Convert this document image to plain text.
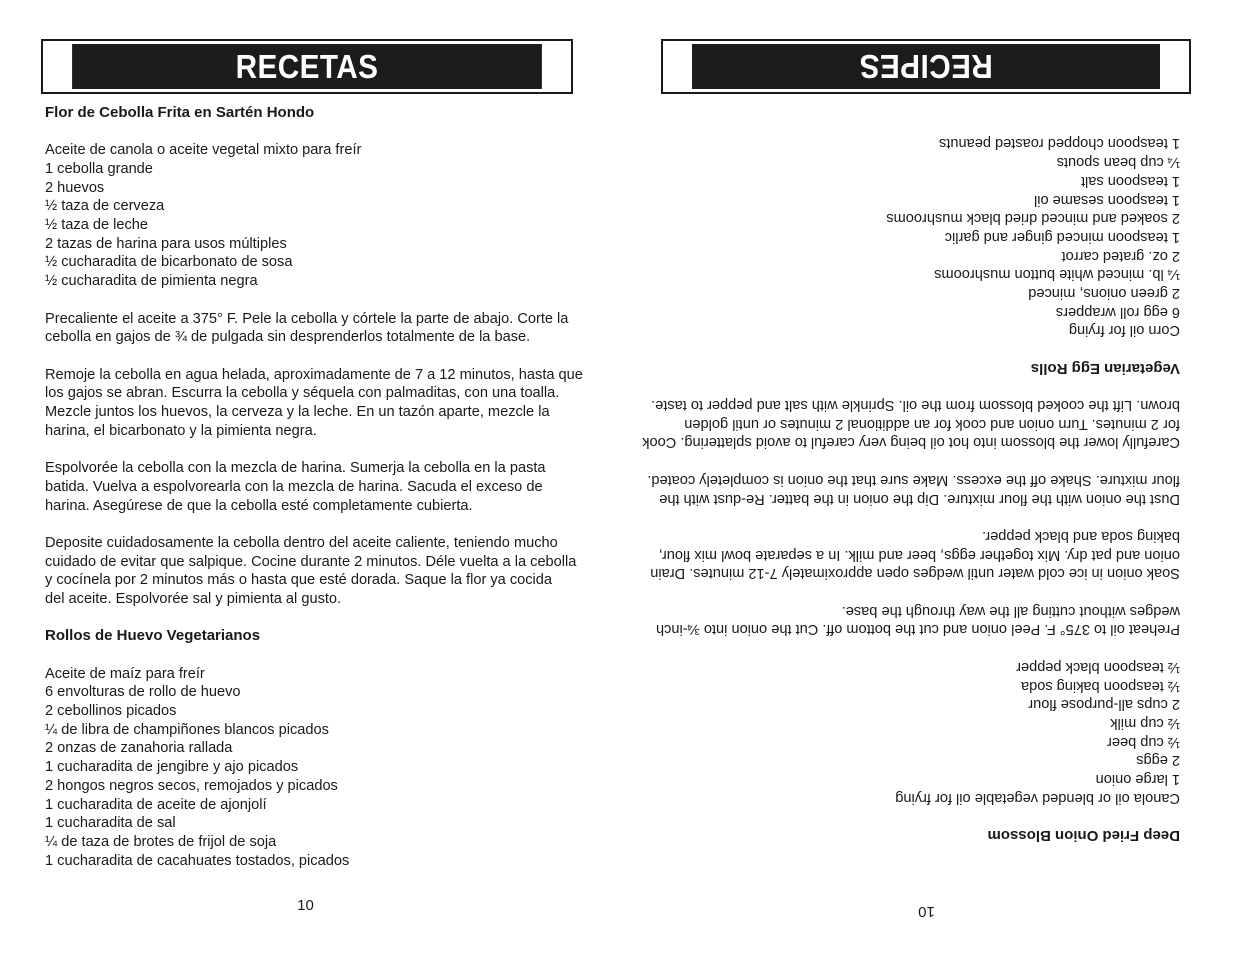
RECETAS
Flor de Cebolla Frita en Sartén Hondo
Aceite de canola o aceite vegetal mixto para freír
1 cebolla grande
2 huevos
½ taza de cerveza
½ taza de leche
2 tazas de harina para usos múltiples
½ cucharadita de bicarbonato de sosa
½ cucharadita de pimienta negra
Precaliente el aceite a 375° F. Pele la cebolla y córtele la parte de abajo. Corte la
cebolla en gajos de ¾ de pulgada sin desprenderlos totalmente de la base.
Remoje la cebolla en agua helada, aproximadamente de 7 a 12 minutos, hasta que
los gajos se abran. Escurra la cebolla y séquela con palmaditas, con una toalla.
Mezcle juntos los huevos, la cerveza y la leche. En un tazón aparte, mezcle la
harina, el bicarbonato y la pimienta negra.
Espolvorée la cebolla con la mezcla de harina. Sumerja la cebolla en la pasta
batida. Vuelva a espolvorearla con la mezcla de harina. Sacuda el exceso de
harina. Asegúrese de que la cebolla esté completamente cubierta.
Deposite cuidadosamente la cebolla dentro del aceite caliente, teniendo mucho
cuidado de evitar que salpique. Cocine durante 2 minutos. Déle vuelta a la cebolla
y cocínela por 2 minutos más o hasta que esté dorada. Saque la flor ya cocida
del aceite. Espolvorée sal y pimienta al gusto.
Rollos de Huevo Vegetarianos
Aceite de maíz para freír
6 envolturas de rollo de huevo
2 cebollinos picados
¼ de libra de champiñones blancos picados
2 onzas de zanahoria rallada
1 cucharadita de jengibre y ajo picados
2 hongos negros secos, remojados y picados
1 cucharadita de aceite de ajonjolí
1 cucharadita de sal
¼ de taza de brotes de frijol de soja
1 cucharadita de cacahuates tostados, picados
10
RECIPES
Deep Fried Onion Blossom
Canola oil or blended vegetable oil for frying
1 large onion
2 eggs
½ cup beer
½ cup milk
2 cups all-purpose flour
½ teaspoon baking soda
½ teaspoon black pepper
Preheat oil to 375° F. Peel onion and cut the bottom off. Cut the onion into ¾-inch
wedges without cutting all the way through the base.
Soak onion in ice cold water until wedges open approximately 7-12 minutes. Drain
onion and pat dry. Mix together eggs, beer and milk. In a separate bowl mix flour,
baking soda and black pepper.
Dust the onion with the flour mixture. Dip the onion in the batter. Re-dust with the
flour mixture. Shake off the excess. Make sure that the onion is completely coated.
Carefully lower the blossom into hot oil being very careful to avoid splattering. Cook
for 2 minutes. Turn onion and cook for an additional 2 minutes or until golden
brown. Lift the cooked blossom from the oil. Sprinkle with salt and pepper to taste.
Vegetarian Egg Rolls
Corn oil for frying
6 egg roll wrappers
2 green onions, minced
¼ lb. minced white button mushrooms
2 oz. grated carrot
1 teaspoon minced ginger and garlic
2 soaked and minced dried black mushrooms
1 teaspoon sesame oil
1 teaspoon salt
¼ cup bean spouts
1 teaspoon chopped roasted peanuts
10
